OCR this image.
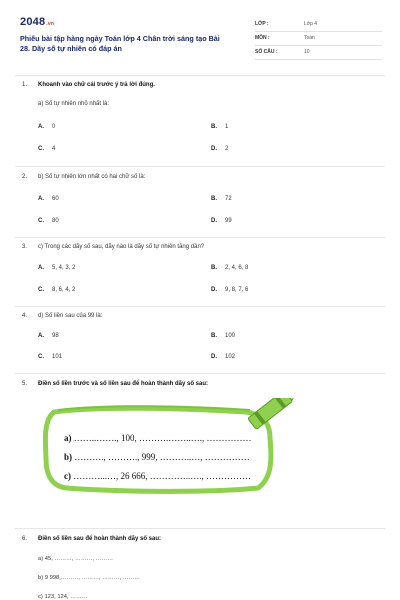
2048.vn
Phiếu bài tập hàng ngày Toán lớp 4 Chân trời sáng tạo Bài 28. Dãy số tự nhiên có đáp án
LỚP :	Lớp 4
MÔN :	Toán
SỐ CÂU :	10
1. Khoanh vào chữ cái trước ý trả lời đúng.
a) Số tự nhiên nhỏ nhất là:
A. 0	B. 1
C. 4	D. 2
2. b) Số tự nhiên lớn nhất có hai chữ số là:
A. 60	B. 72
C. 80	D. 99
3. c) Trong các dãy số sau, dãy nào là dãy số tự nhiên tăng dần?
A. 5, 4, 3, 2	B. 2, 4, 6, 8
C. 8, 6, 4, 2	D. 9, 8, 7, 6
4. d) Số liền sau của 99 là:
A. 98	B. 100
C. 101	D. 102
5. Điền số liền trước và số liền sau để hoàn thành dãy số sau:
a) ……..……., 100, ……….……..…., ……………
b) ………., ………., 999, ………..…, ……………
c) ………...…, 26 666, …………..…., ……………
6. Điền số liền sau để hoàn thành dãy số sau:
a) 45, ………, ………, ………
b) 9 998,………, ………, ………, ………
c) 123, 124, ………
